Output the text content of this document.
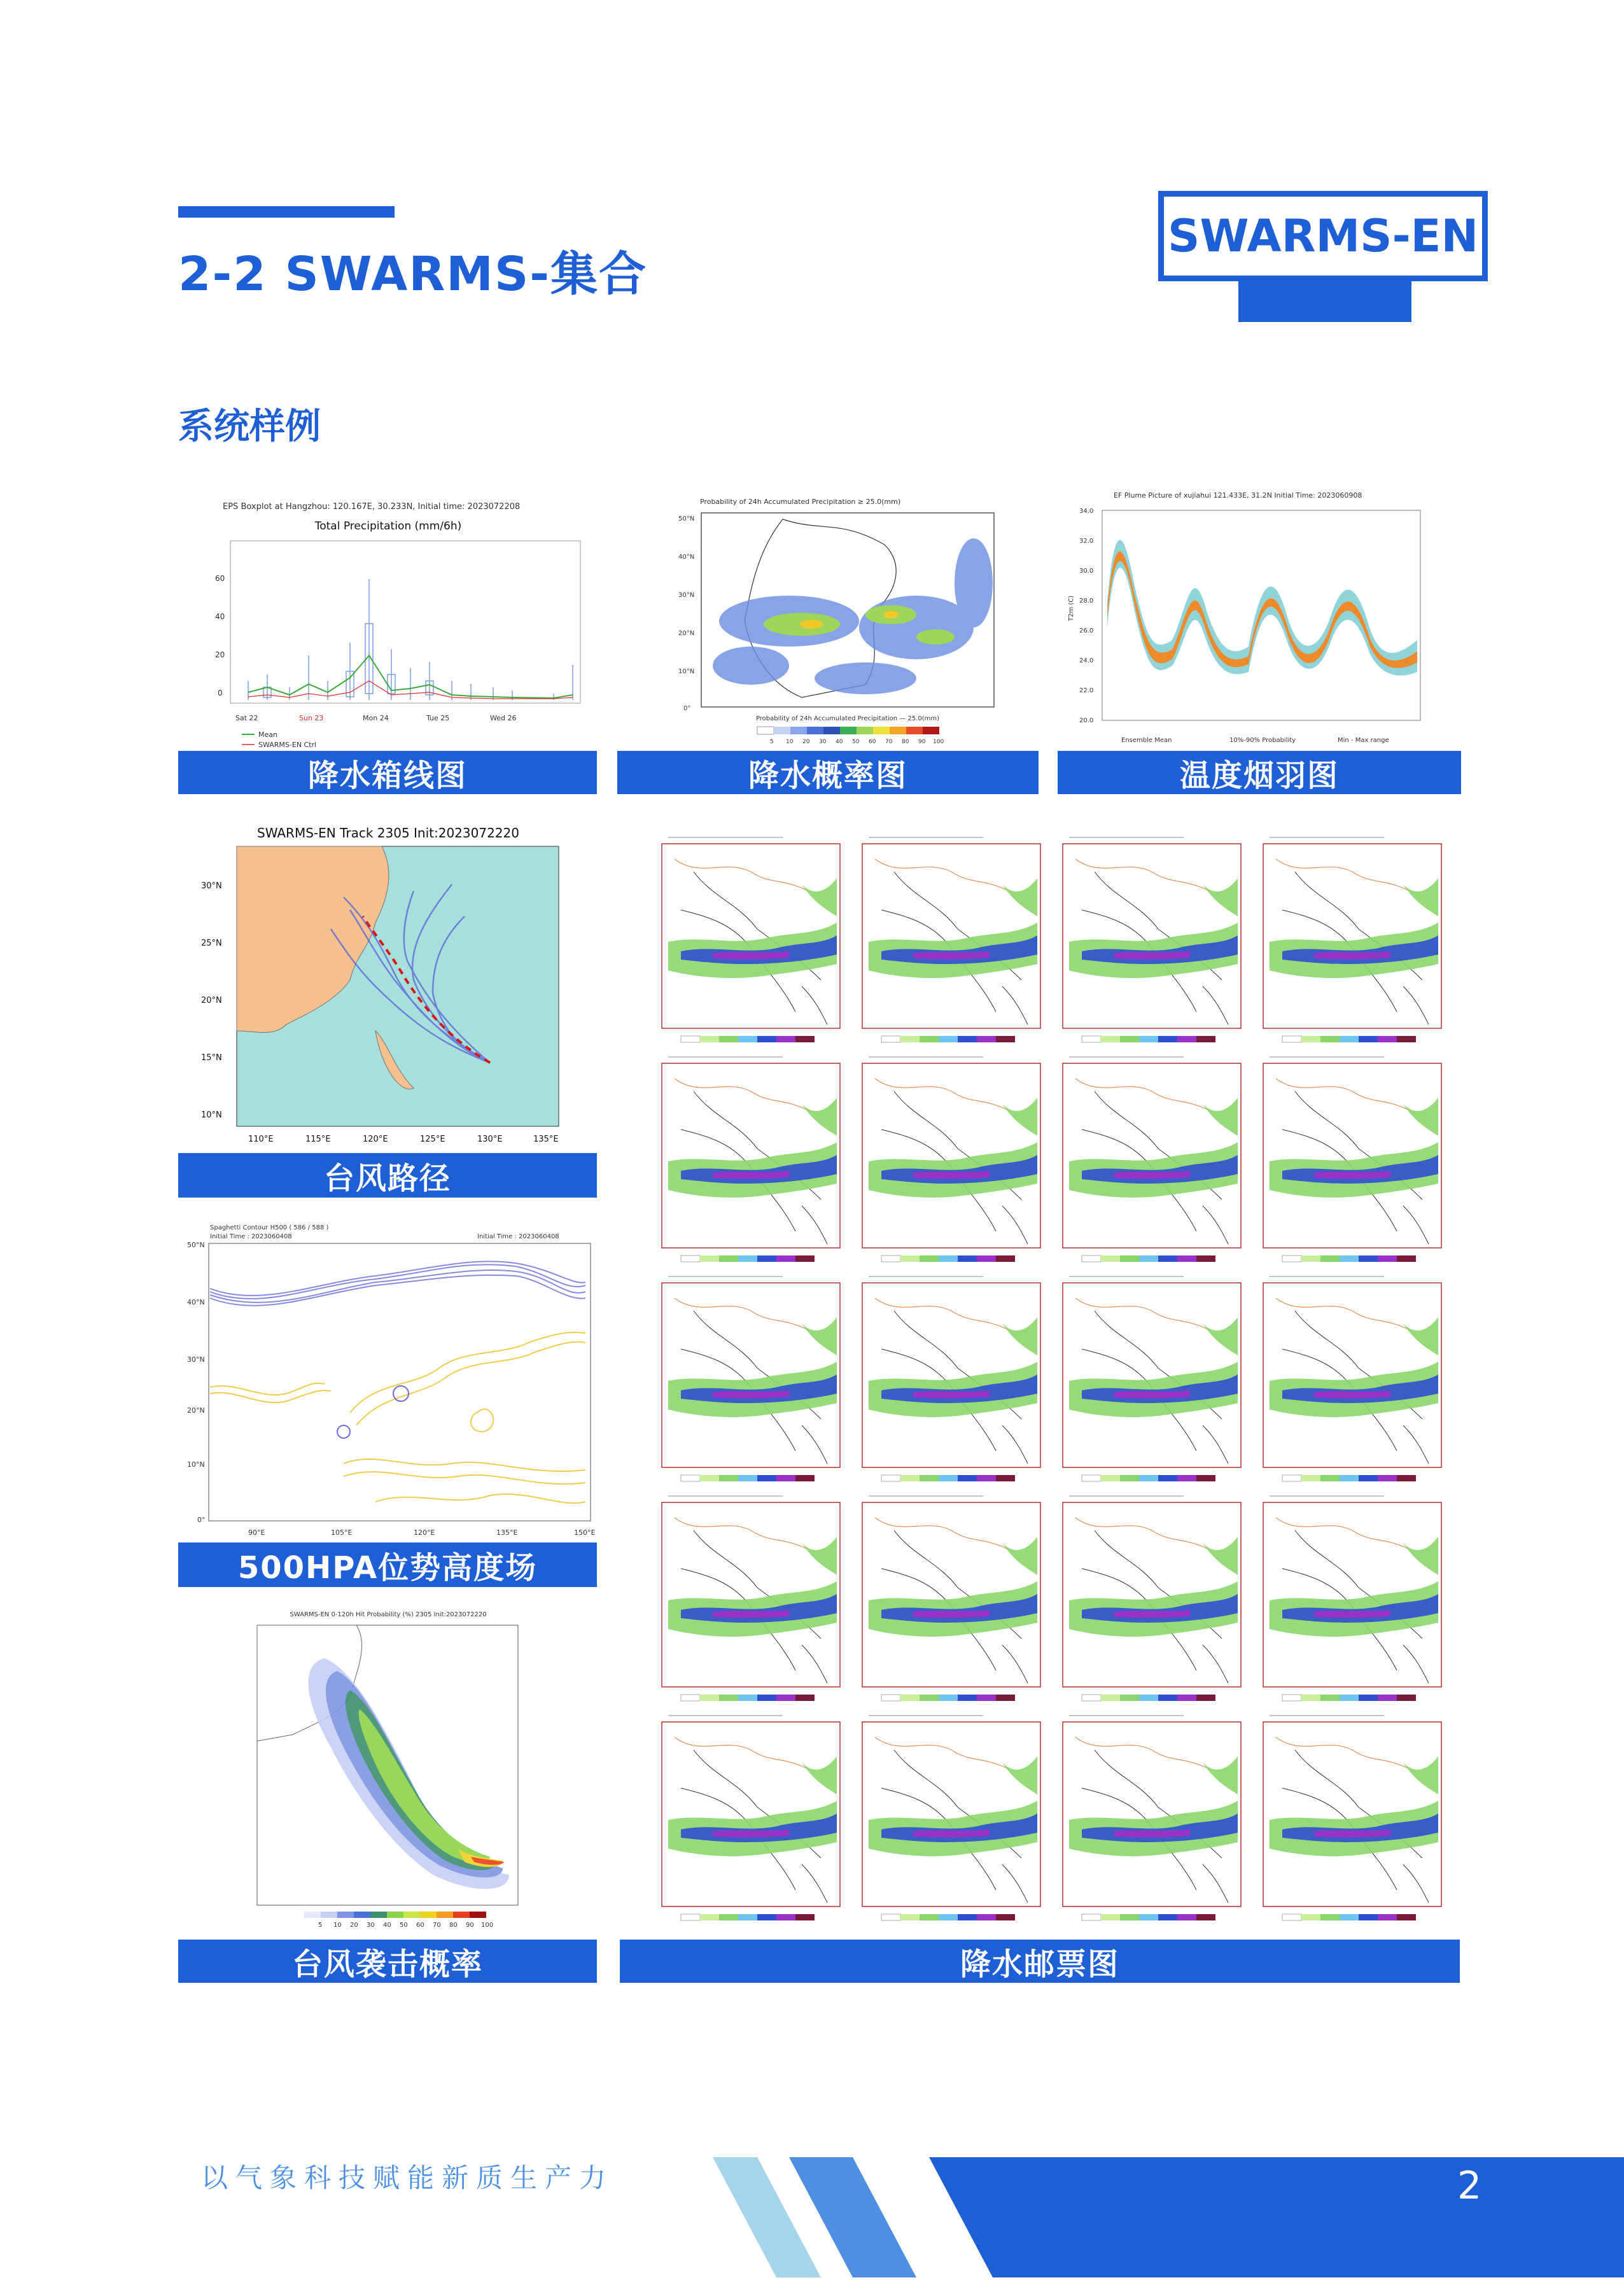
2-2 SWARMS-集合
SWARMS-EN
系统样例
EPS Boxplot at Hangzhou: 120.167E, 30.233N, Initial time: 2023072208
Total Precipitation (mm/6h)
60
40
20
0
Sat 22	Sun 23	Mon 24	Tue 25	Wed 26
Mean
SWARMS-EN Ctrl
降水箱线图
Probability of 24h Accumulated Precipitation ≥ 25.0(mm)
50°N
40°N
30°N
20°N
10°N
0°
Probability of 24h Accumulated Precipitation — 25.0(mm)
5 10 20 30 40 50 60 70 80 90 100
降水概率图
EF Plume Picture of xujiahui 121.433E, 31.2N Initial Time: 2023060908
34.0
32.0
30.0
28.0
26.0
24.0
22.0
20.0
T2m (C)
Ensemble Mean	10%-90% Probability	Min - Max range
温度烟羽图
SWARMS-EN Track 2305 Init:2023072220
30°N
25°N
20°N
15°N
10°N
110°E	115°E	120°E	125°E	130°E	135°E
台风路径
Spaghetti Contour H500 ( 586 / 588 )
Initial Time : 2023060408	Initial Time : 2023060408
50°N
40°N
30°N
20°N
10°N
0°
90°E	105°E	120°E	135°E	150°E
500HPA位势高度场
SWARMS-EN 0-120h Hit Probability (%) 2305 Init:2023072220
5 10 20 30 40 50 60 70 80 90 100
台风袭击概率	降水邮票图
以气象科技赋能新质生产力	2
